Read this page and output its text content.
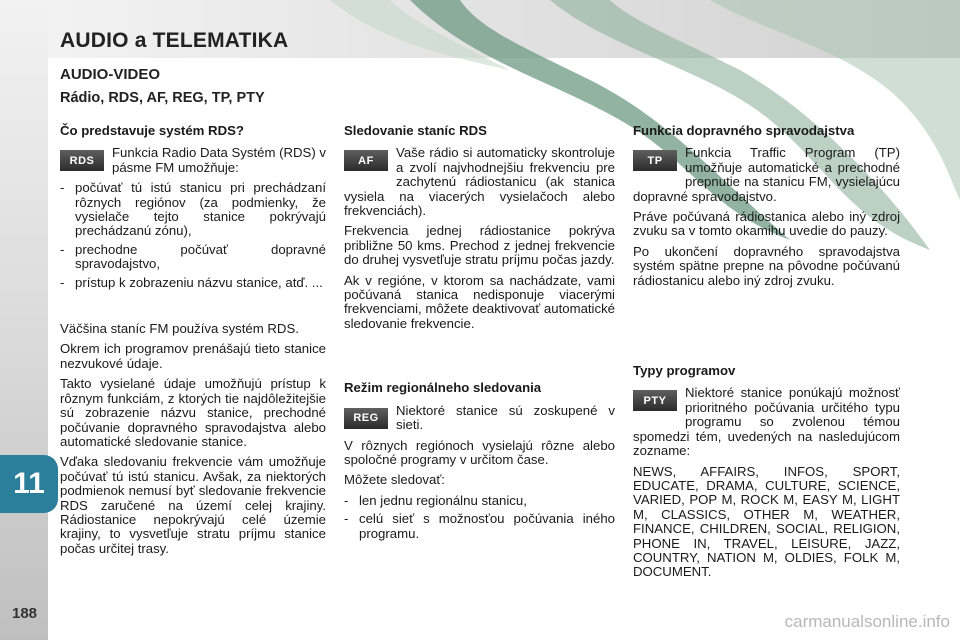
AUDIO a TELEMATIKA
AUDIO-VIDEO
Rádio, RDS, AF, REG, TP, PTY
11
188
Čo predstavuje systém RDS?
RDS

Funkcia Radio Data Systém (RDS) v pásme FM umožňuje:

- počúvať tú istú stanicu pri prechádzaní rôznych regiónov (za podmienky, že vysielače tejto stanice pokrývajú prechádzanú zónu),
- prechodne počúvať dopravné spravodajstvo,
- prístup k zobrazeniu názvu stanice, atď. ...

Väčšina staníc FM používa systém RDS.

Okrem ich programov prenášajú tieto stanice nezvukové údaje.

Takto vysielané údaje umožňujú prístup k rôznym funkciám, z ktorých tie najdôležitejšie sú zobrazenie názvu stanice, prechodné počúvanie dopravného spravodajstva alebo automatické sledovanie stanice.

Vďaka sledovaniu frekvencie vám umožňuje počúvať tú istú stanicu. Avšak, za niektorých podmienok nemusí byť sledovanie frekvencie RDS zaručené na území celej krajiny. Rádiostanice nepokrývajú celé územie krajiny, to vysvetľuje stratu príjmu stanice počas určitej trasy.

Sledovanie staníc RDS
AF

Vaše rádio si automaticky skontroluje a zvolí najvhodnejšiu frekvenciu pre zachytenú rádiostanicu (ak stanica vysiela na viacerých vysielačoch alebo frekvenciách).

Frekvencia jednej rádiostanice pokrýva približne 50 kms. Prechod z jednej frekvencie do druhej vysvetľuje stratu príjmu počas jazdy.

Ak v regióne, v ktorom sa nachádzate, vami počúvaná stanica nedisponuje viacerými frekvenciami, môžete deaktivovať automatické sledovanie frekvencie.

Režim regionálneho sledovania
REG

Niektoré stanice sú zoskupené v sieti.

V rôznych regiónoch vysielajú rôzne alebo spoločné programy v určitom čase.

Môžete sledovať:

- len jednu regionálnu stanicu,
- celú sieť s možnosťou počúvania iného programu.
Funkcia dopravného spravodajstva
TP

Funkcia Traffic Program (TP) umožňuje automatické a prechodné prepnutie na stanicu FM, vysielajúcu dopravné spravodajstvo.

Práve počúvaná rádiostanica alebo iný zdroj zvuku sa v tomto okamihu uvedie do pauzy.

Po ukončení dopravného spravodajstva systém spätne prepne na pôvodne počúvanú rádiostanicu alebo iný zdroj zvuku.

Typy programov
PTY

Niektoré stanice ponúkajú možnosť prioritného počúvania určitého typu programu so zvolenou témou spomedzi tém, uvedených na nasledujúcom zozname:

NEWS, AFFAIRS, INFOS, SPORT, EDUCATE, DRAMA, CULTURE, SCIENCE, VARIED, POP M, ROCK M, EASY M, LIGHT M, CLASSICS, OTHER M, WEATHER, FINANCE, CHILDREN, SOCIAL, RELIGION, PHONE IN, TRAVEL, LEISURE, JAZZ, COUNTRY, NATION M, OLDIES, FOLK M, DOCUMENT.

carmanualsonline.info
